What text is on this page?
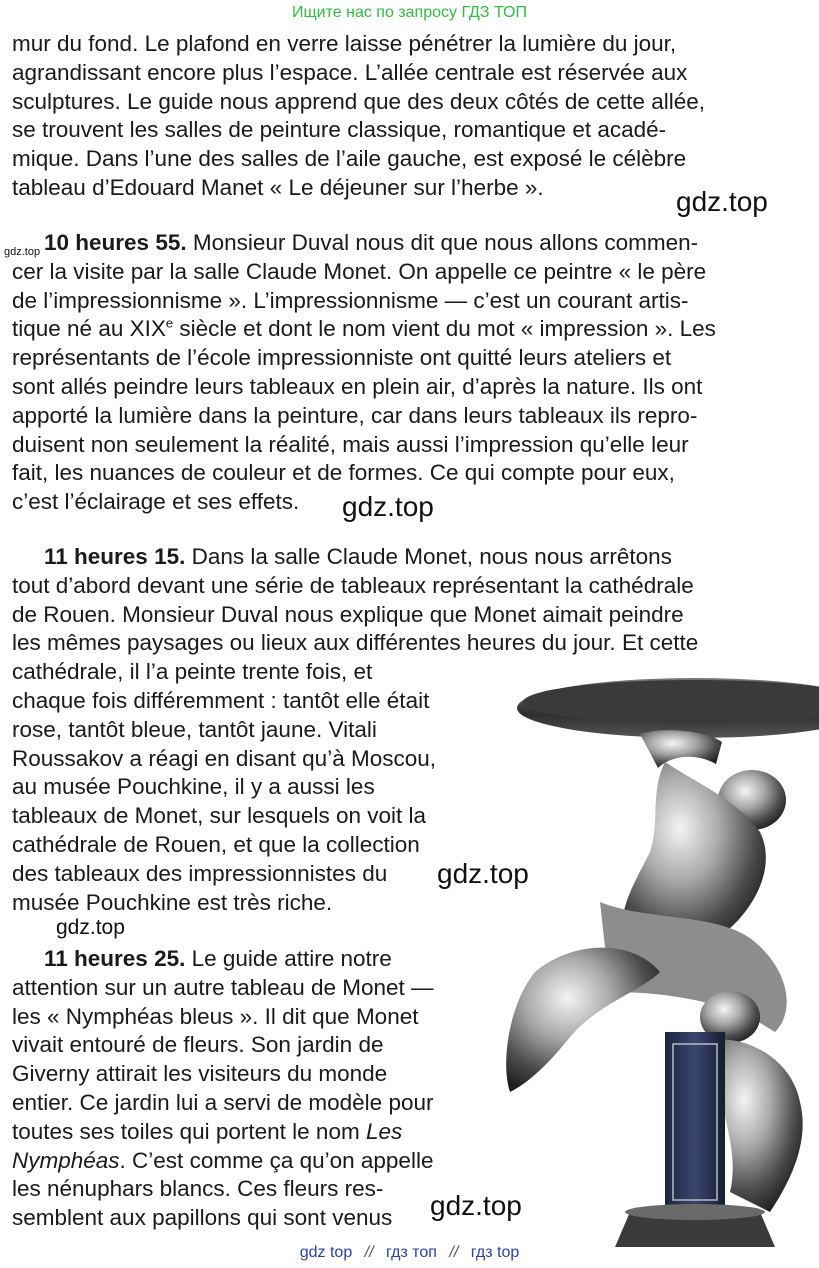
Ищите нас по запросу ГДЗ ТОП
mur du fond. Le plafond en verre laisse pénétrer la lumière du jour,
agrandissant encore plus l’espace. L’allée centrale est réservée aux
sculptures. Le guide nous apprend que des deux côtés de cette allée,
se trouvent les salles de peinture classique, romantique et acadé-
mique. Dans l’une des salles de l’aile gauche, est exposé le célèbre
tableau d’Edouard Manet « Le déjeuner sur l’herbe ».	gdz.top
gdz.top 10 heures 55. Monsieur Duval nous dit que nous allons commen-
cer la visite par la salle Claude Monet. On appelle ce peintre « le père
de l’impressionnisme ». L’impressionnisme — c’est un courant artis-
tique né au XIXe siècle et dont le nom vient du mot « impression ». Les
représentants de l’école impressionniste ont quitté leurs ateliers et
sont allés peindre leurs tableaux en plein air, d’après la nature. Ils ont
apporté la lumière dans la peinture, car dans leurs tableaux ils repro-
duisent non seulement la réalité, mais aussi l’impression qu’elle leur
fait, les nuances de couleur et de formes. Ce qui compte pour eux,
c’est l’éclairage et ses effets.	gdz.top
11 heures 15. Dans la salle Claude Monet, nous nous arrêtons
tout d’abord devant une série de tableaux représentant la cathédrale
de Rouen. Monsieur Duval nous explique que Monet aimait peindre
les mêmes paysages ou lieux aux différentes heures du jour. Et cette
cathédrale, il l’a peinte trente fois, et
chaque fois différemment : tantôt elle était
rose, tantôt bleue, tantôt jaune. Vitali
Roussakov a réagi en disant qu’à Moscou,
au musée Pouchkine, il y a aussi les
tableaux de Monet, sur lesquels on voit la
cathédrale de Rouen, et que la collection
des tableaux des impressionnistes du
musée Pouchkine est très riche.
gdz.top
gdz.top
11 heures 25. Le guide attire notre
attention sur un autre tableau de Monet —
les « Nymphéas bleus ». Il dit que Monet
vivait entouré de fleurs. Son jardin de
Giverny attirait les visiteurs du monde
entier. Ce jardin lui a servi de modèle pour
toutes ses toiles qui portent le nom Les
Nymphéas. C’est comme ça qu’on appelle
les nénuphars blancs. Ces fleurs res-
semblent aux papillons qui sont venus	gdz.top
gdz top // гдз топ // гдз top
